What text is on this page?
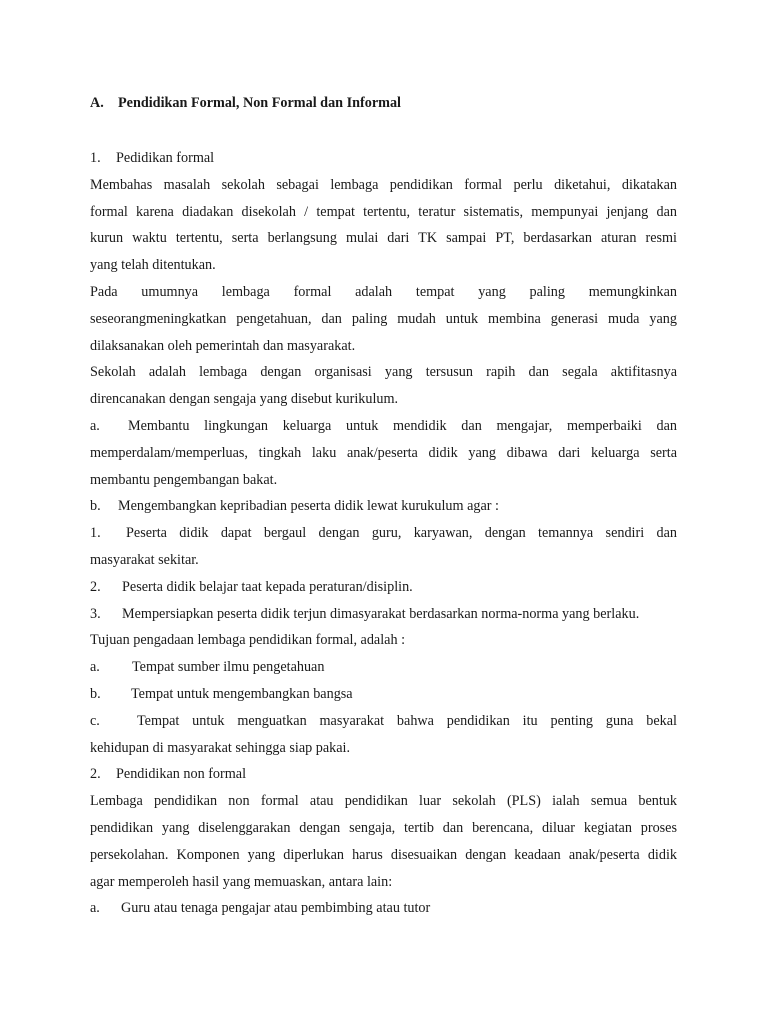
A. Pendidikan Formal, Non Formal dan Informal
1. Pedidikan formal
Membahas masalah sekolah sebagai lembaga pendidikan formal perlu diketahui, dikatakan
formal karena diadakan disekolah / tempat tertentu, teratur sistematis, mempunyai jenjang dan
kurun waktu tertentu, serta berlangsung mulai dari TK sampai PT, berdasarkan aturan resmi
yang telah ditentukan.
Pada umumnya lembaga formal adalah tempat yang paling memungkinkan
seseorangmeningkatkan pengetahuan, dan paling mudah untuk membina generasi muda yang
dilaksanakan oleh pemerintah dan masyarakat.
Sekolah adalah lembaga dengan organisasi yang tersusun rapih dan segala aktifitasnya
direncanakan dengan sengaja yang disebut kurikulum.
a. Membantu lingkungan keluarga untuk mendidik dan mengajar, memperbaiki dan
memperdalam/memperluas, tingkah laku anak/peserta didik yang dibawa dari keluarga serta
membantu pengembangan bakat.
b. Mengembangkan kepribadian peserta didik lewat kurukulum agar :
1. Peserta didik dapat bergaul dengan guru, karyawan, dengan temannya sendiri dan
masyarakat sekitar.
2. Peserta didik belajar taat kepada peraturan/disiplin.
3. Mempersiapkan peserta didik terjun dimasyarakat berdasarkan norma-norma yang berlaku.
Tujuan pengadaan lembaga pendidikan formal, adalah :
a. Tempat sumber ilmu pengetahuan
b. Tempat untuk mengembangkan bangsa
c.	Tempat untuk menguatkan masyarakat bahwa pendidikan itu penting guna bekal
kehidupan di masyarakat sehingga siap pakai.
2. Pendidikan non formal
Lembaga pendidikan non formal atau pendidikan luar sekolah (PLS) ialah semua bentuk
pendidikan yang diselenggarakan dengan sengaja, tertib dan berencana, diluar kegiatan proses
persekolahan. Komponen yang diperlukan harus disesuaikan dengan keadaan anak/peserta didik
agar memperoleh hasil yang memuaskan, antara lain:
a. Guru atau tenaga pengajar atau pembimbing atau tutor
